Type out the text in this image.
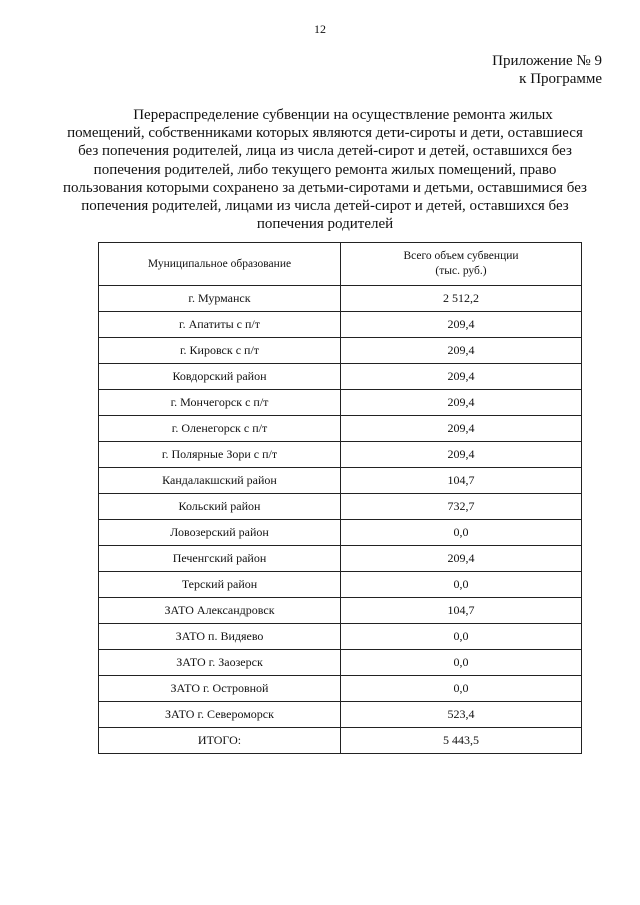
12
Приложение № 9
к Программе
Перераспределение субвенции на осуществление ремонта жилых
помещений, собственниками которых являются дети-сироты и дети, оставшиеся
без попечения родителей, лица из числа детей-сирот и детей, оставшихся без
попечения родителей, либо текущего ремонта жилых помещений, право
пользования которыми сохранено за детьми-сиротами и детьми, оставшимися без
попечения родителей, лицами из числа детей-сирот и детей, оставшихся без
попечения родителей
Муниципальное образование	Всего объем субвенции
(тыс. руб.)

г. Мурманск	2 512,2
г. Апатиты с п/т	209,4
г. Кировск с п/т	209,4
Ковдорский район	209,4
г. Мончегорск с п/т	209,4
г. Оленегорск с п/т	209,4
г. Полярные Зори с п/т	209,4
Кандалакшский район	104,7
Кольский район	732,7
Ловозерский район	0,0
Печенгский район	209,4
Терский район	0,0
ЗАТО Александровск	104,7
ЗАТО п. Видяево	0,0
ЗАТО г. Заозерск	0,0
ЗАТО г. Островной	0,0
ЗАТО г. Североморск	523,4
ИТОГО:	5 443,5
